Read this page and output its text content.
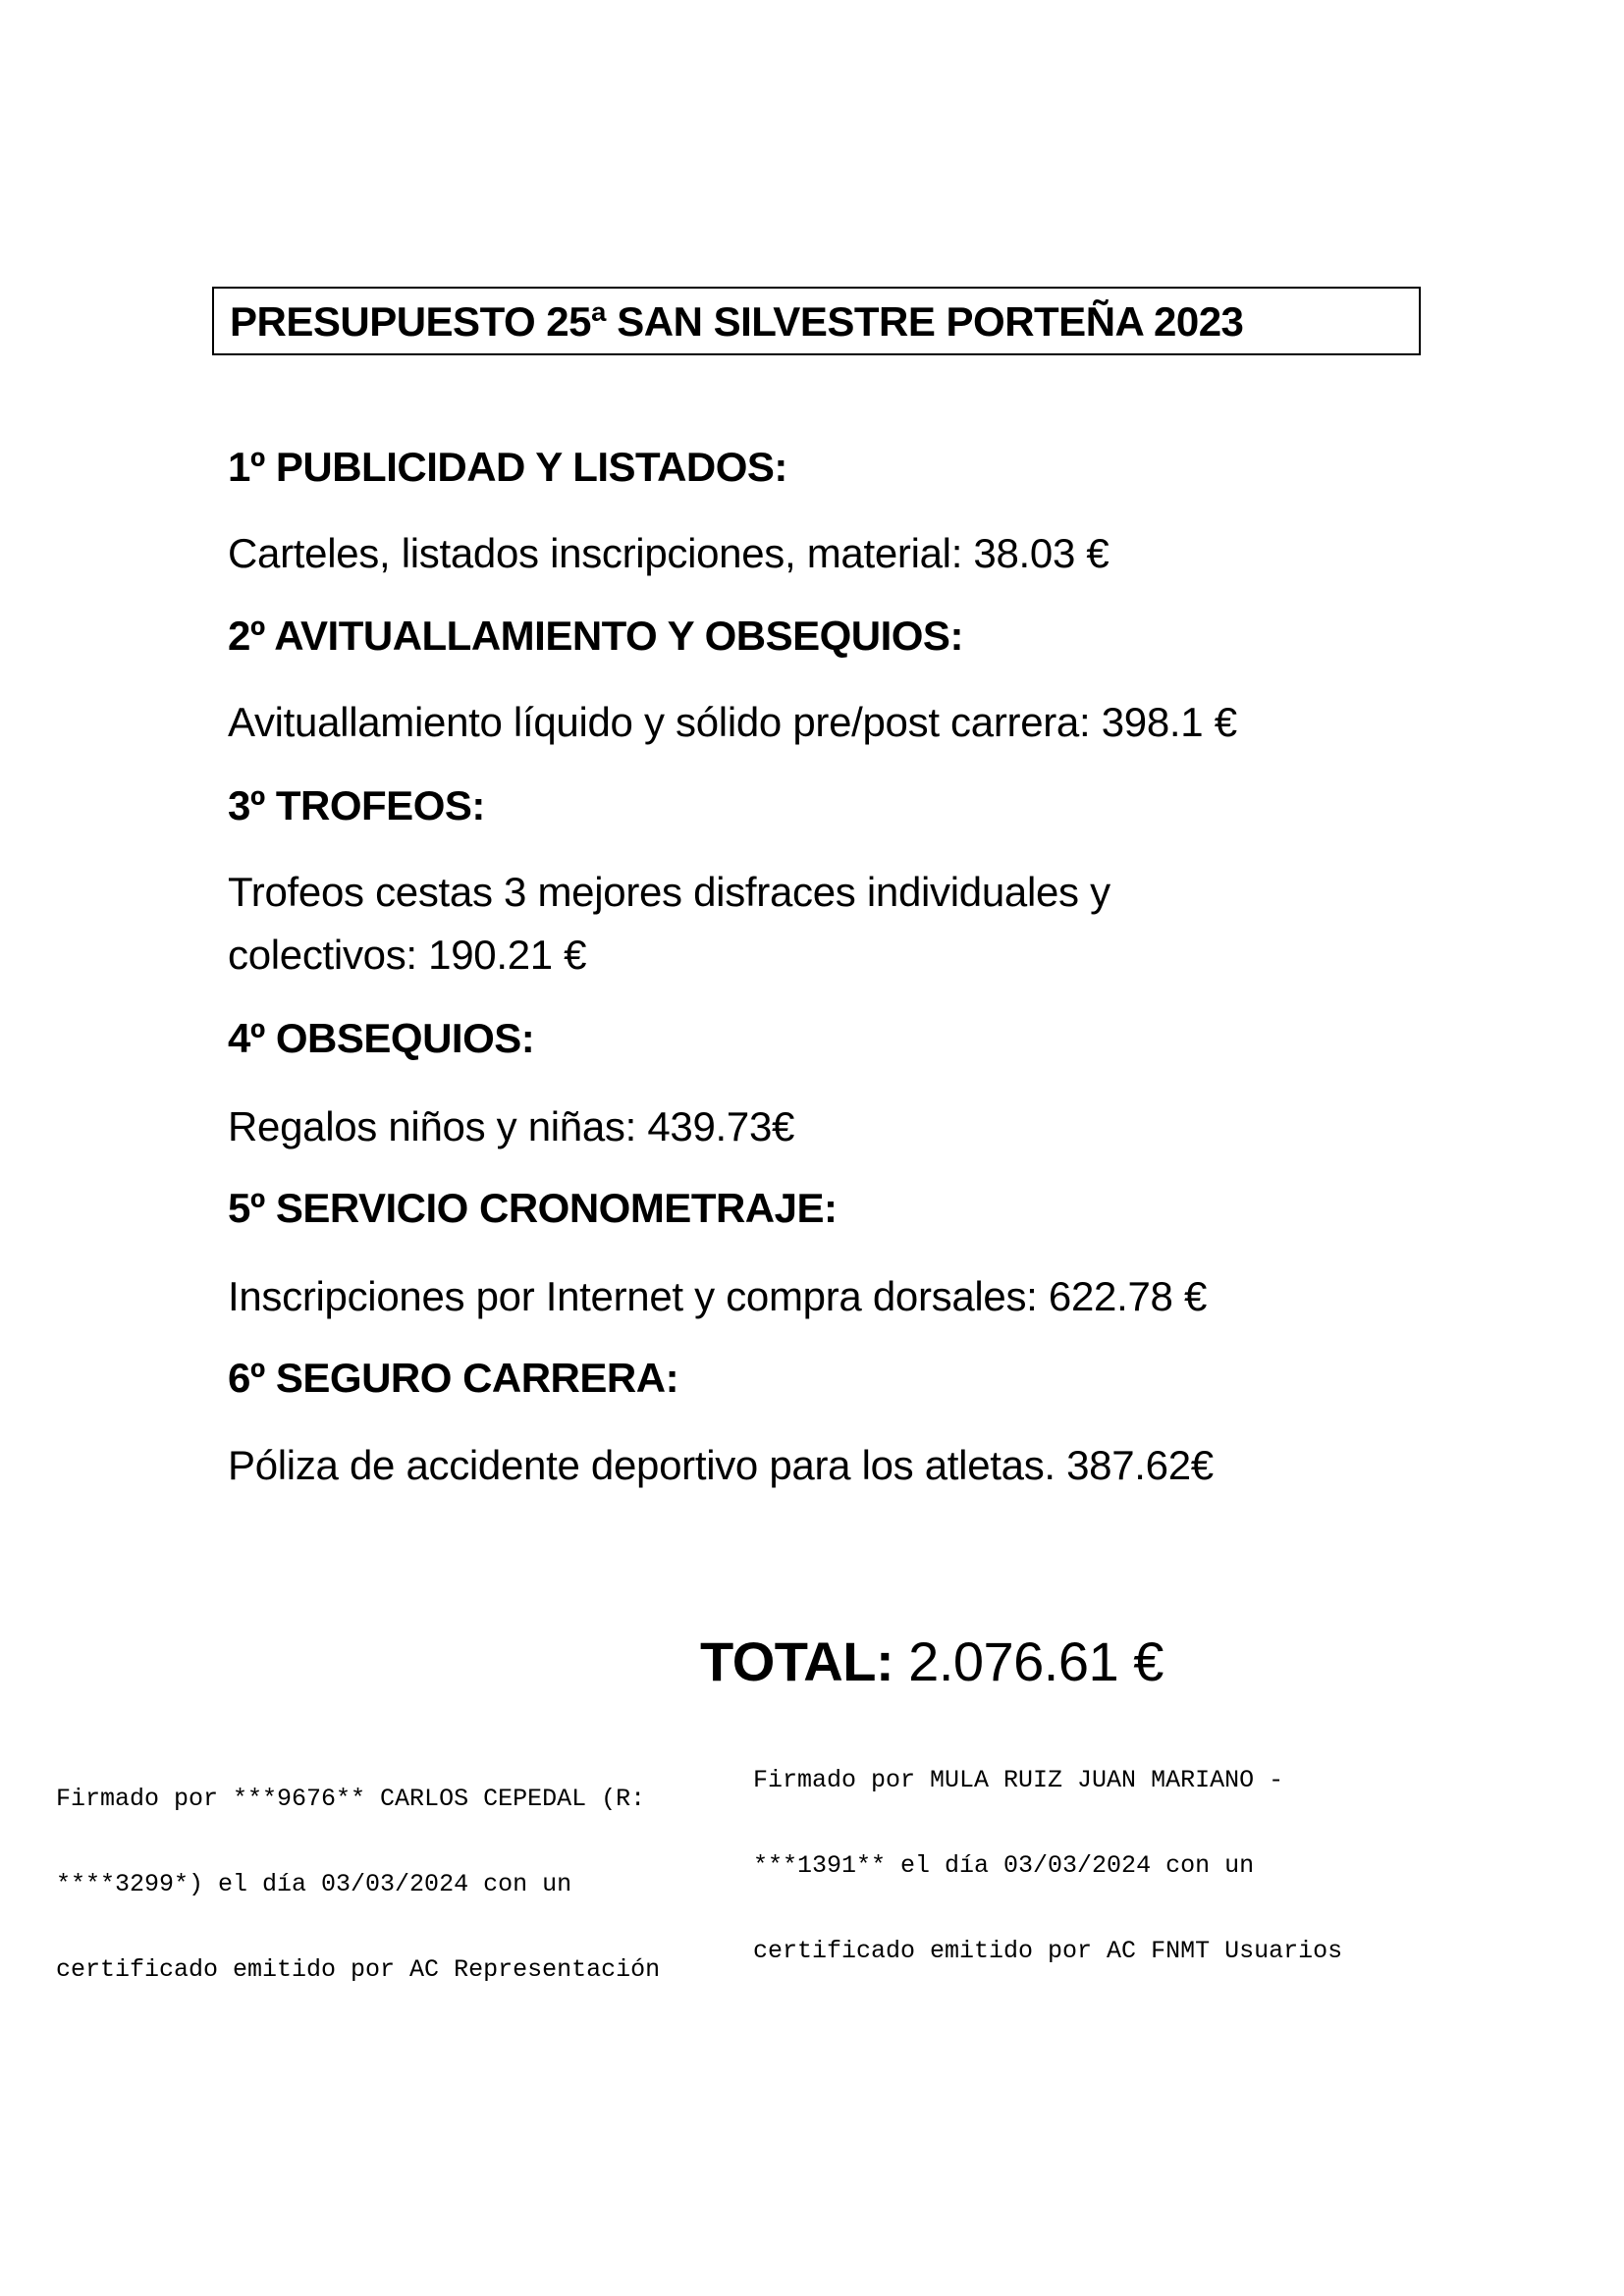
PRESUPUESTO 25ª SAN SILVESTRE PORTEÑA 2023
1º PUBLICIDAD Y LISTADOS:
Carteles, listados inscripciones, material: 38.03 €
2º AVITUALLAMIENTO Y OBSEQUIOS:
Avituallamiento líquido y sólido pre/post carrera: 398.1 €
3º TROFEOS:
Trofeos cestas 3 mejores disfraces individuales y
colectivos: 190.21 €
4º OBSEQUIOS:
Regalos niños y niñas: 439.73€
5º SERVICIO CRONOMETRAJE:
Inscripciones por Internet y compra dorsales: 622.78 €
6º SEGURO CARRERA:
Póliza de accidente deportivo para los atletas. 387.62€
TOTAL: 2.076.61 €

Firmado por ***9676** CARLOS CEPEDAL (R:

****3299*) el día 03/03/2024 con un

certificado emitido por AC Representación

Firmado por MULA RUIZ JUAN MARIANO -

***1391** el día 03/03/2024 con un

certificado emitido por AC FNMT Usuarios
